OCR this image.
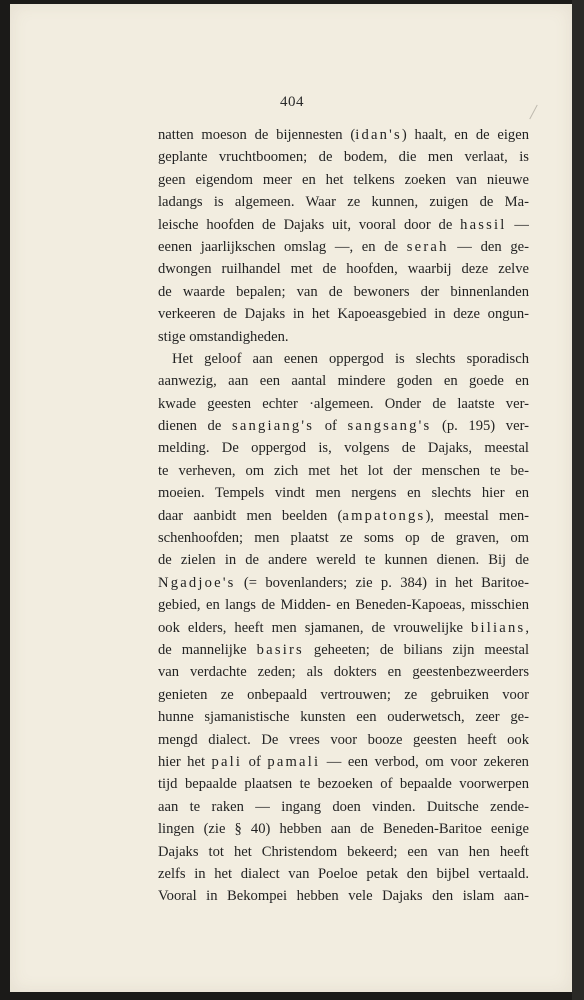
404

natten moeson de bijennesten (idan's) haalt, en de eigen
geplante vruchtboomen; de bodem, die men verlaat, is
geen eigendom meer en het telkens zoeken van nieuwe
ladangs is algemeen. Waar ze kunnen, zuigen de Ma-
leische hoofden de Dajaks uit, vooral door de hassil —
eenen jaarlijkschen omslag —, en de serah — den ge-
dwongen ruilhandel met de hoofden, waarbij deze zelve
de waarde bepalen; van de bewoners der binnenlanden
verkeeren de Dajaks in het Kapoeasgebied in deze ongun-
stige omstandigheden.
Het geloof aan eenen oppergod is slechts sporadisch
aanwezig, aan een aantal mindere goden en goede en
kwade geesten echter ·algemeen. Onder de laatste ver-
dienen de sangiang's of sangsang's (p. 195) ver-
melding. De oppergod is, volgens de Dajaks, meestal
te verheven, om zich met het lot der menschen te be-
moeien. Tempels vindt men nergens en slechts hier en
daar aanbidt men beelden (ampatongs), meestal men-
schenhoofden; men plaatst ze soms op de graven, om
de zielen in de andere wereld te kunnen dienen. Bij de
Ngadjoe's (= bovenlanders; zie p. 384) in het Baritoe-
gebied, en langs de Midden- en Beneden-Kapoeas, misschien
ook elders, heeft men sjamanen, de vrouwelijke bilians,
de mannelijke basirs geheeten; de bilians zijn meestal
van verdachte zeden; als dokters en geestenbezweerders
genieten ze onbepaald vertrouwen; ze gebruiken voor
hunne sjamanistische kunsten een ouderwetsch, zeer ge-
mengd dialect. De vrees voor booze geesten heeft ook
hier het pali of pamali — een verbod, om voor zekeren
tijd bepaalde plaatsen te bezoeken of bepaalde voorwerpen
aan te raken — ingang doen vinden. Duitsche zende-
lingen (zie § 40) hebben aan de Beneden-Baritoe eenige
Dajaks tot het Christendom bekeerd; een van hen heeft
zelfs in het dialect van Poeloe petak den bijbel vertaald.
Vooral in Bekompei hebben vele Dajaks den islam aan-
